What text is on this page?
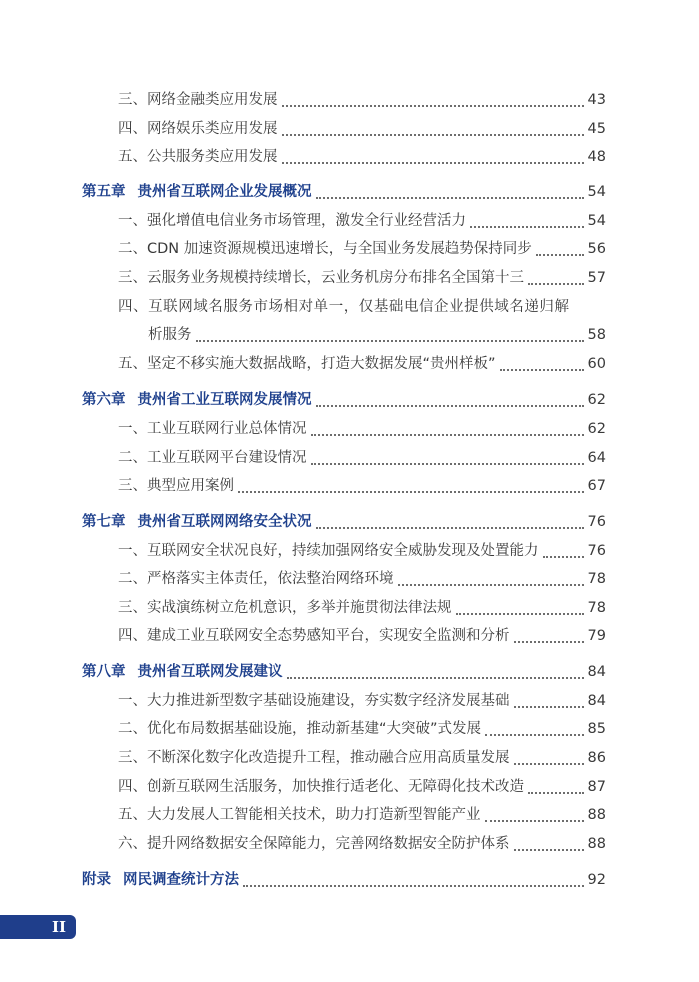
三、网络金融类应用发展	43
四、网络娱乐类应用发展	45
五、公共服务类应用发展	48
第五章 贵州省互联网企业发展概况	54
一、强化增值电信业务市场管理，激发全行业经营活力	54
二、CDN 加速资源规模迅速增长，与全国业务发展趋势保持同步	56
三、云服务业务规模持续增长，云业务机房分布排名全国第十三	57
四、互联网域名服务市场相对单一，仅基础电信企业提供域名递归解
析服务	58
五、坚定不移实施大数据战略，打造大数据发展“贵州样板”	60
第六章 贵州省工业互联网发展情况	62
一、工业互联网行业总体情况	62
二、工业互联网平台建设情况	64
三、典型应用案例	67
第七章 贵州省互联网网络安全状况	76
一、互联网安全状况良好，持续加强网络安全威胁发现及处置能力	76
二、严格落实主体责任，依法整治网络环境	78
三、实战演练树立危机意识，多举并施贯彻法律法规	78
四、建成工业互联网安全态势感知平台，实现安全监测和分析	79
第八章 贵州省互联网发展建议	84
一、大力推进新型数字基础设施建设，夯实数字经济发展基础	84
二、优化布局数据基础设施，推动新基建“大突破”式发展	85
三、不断深化数字化改造提升工程，推动融合应用高质量发展	86
四、创新互联网生活服务，加快推行适老化、无障碍化技术改造	87
五、大力发展人工智能相关技术，助力打造新型智能产业	88
六、提升网络数据安全保障能力，完善网络数据安全防护体系	88
附录 网民调查统计方法	92
II
